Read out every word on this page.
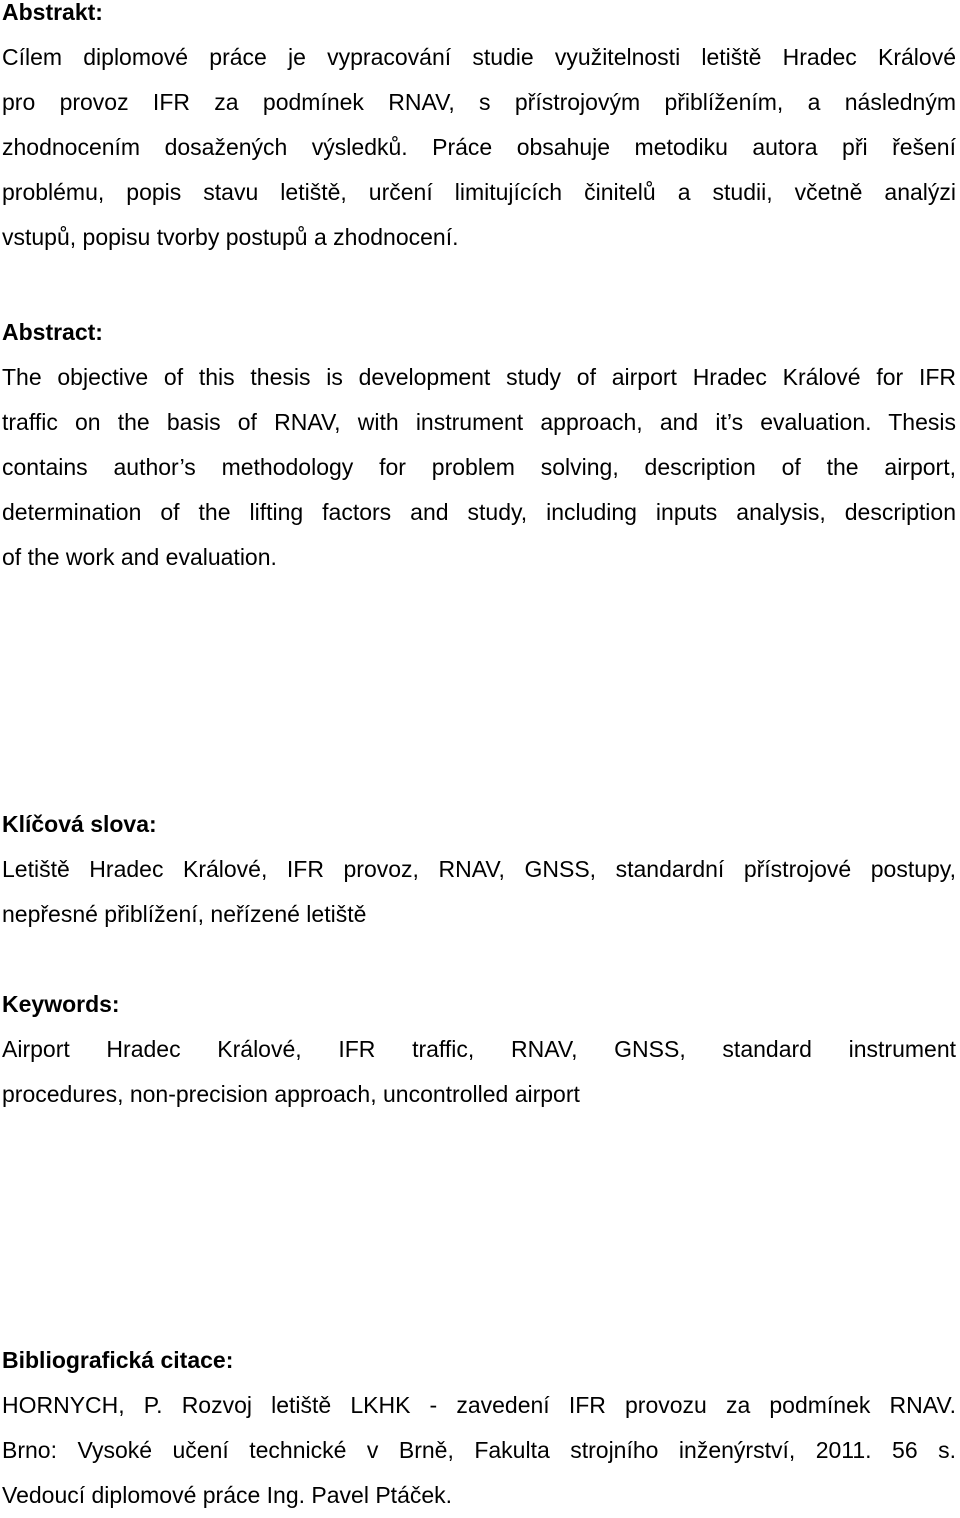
Abstrakt:
Cílem diplomové práce je vypracování studie využitelnosti letiště Hradec Králové
pro provoz IFR za podmínek RNAV, s přístrojovým přiblížením, a následným
zhodnocením dosažených výsledků. Práce obsahuje metodiku autora při řešení
problému, popis stavu letiště, určení limitujících činitelů a studii, včetně analýzi
vstupů, popisu tvorby postupů a zhodnocení.
Abstract:
The objective of this thesis is development study of airport Hradec Králové for IFR
traffic on the basis of RNAV, with instrument approach, and it’s evaluation. Thesis
contains author’s methodology for problem solving, description of the airport,
determination of the lifting factors and study, including inputs analysis, description
of the work and evaluation.
Klíčová slova:
Letiště Hradec Králové, IFR provoz, RNAV, GNSS, standardní přístrojové postupy,
nepřesné přiblížení, neřízené letiště
Keywords:
Airport Hradec Králové, IFR traffic, RNAV, GNSS, standard instrument
procedures, non-precision approach, uncontrolled airport
Bibliografická citace:
HORNYCH, P. Rozvoj letiště LKHK - zavedení IFR provozu za podmínek RNAV.
Brno: Vysoké učení technické v Brně, Fakulta strojního inženýrství, 2011. 56 s.
Vedoucí diplomové práce Ing. Pavel Ptáček.
